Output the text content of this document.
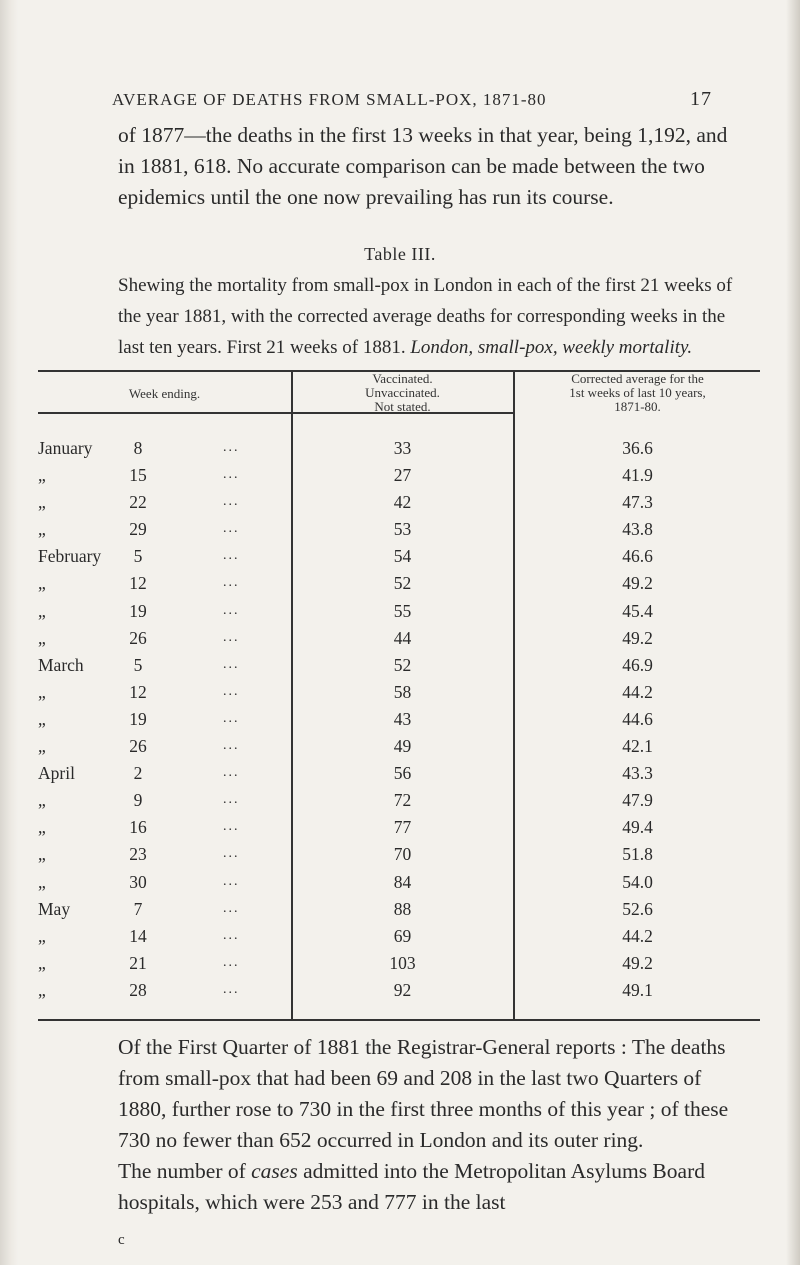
AVERAGE OF DEATHS FROM SMALL-POX, 1871-80	17

of 1877—the deaths in the first 13 weeks in that year, being 1,192, and in 1881, 618. No accurate comparison can be made between the two epidemics until the one now prevailing has run its course.

Table III.

Shewing the mortality from small-pox in London in each of the first 21 weeks of the year 1881, with the corrected average deaths for corresponding weeks in the last ten years. First 21 weeks of 1881. London, small-pox, weekly mortality.

Week ending.
Vaccinated.
Unvaccinated.
Not stated.
Corrected average for the
1st weeks of last 10 years,
1871-80.
January	8	...	33	36.6
„	15	...	27	41.9
„	22	...	42	47.3
„	29	...	53	43.8
February	5	...	54	46.6
„	12	...	52	49.2
„	19	...	55	45.4
„	26	...	44	49.2
March	5	...	52	46.9
„	12	...	58	44.2
„	19	...	43	44.6
„	26	...	49	42.1
April	2	...	56	43.3
„	9	...	72	47.9
„	16	...	77	49.4
„	23	...	70	51.8
„	30	...	84	54.0
May	7	...	88	52.6
„	14	...	69	44.2
„	21	...	103	49.2
„	28	...	92	49.1

Of the First Quarter of 1881 the Registrar-General reports : The deaths from small-pox that had been 69 and 208 in the last two Quarters of 1880, further rose to 730 in the first three months of this year ; of these 730 no fewer than 652 occurred in London and its outer ring.
The number of cases admitted into the Metropolitan Asylums Board hospitals, which were 253 and 777 in the last

c
